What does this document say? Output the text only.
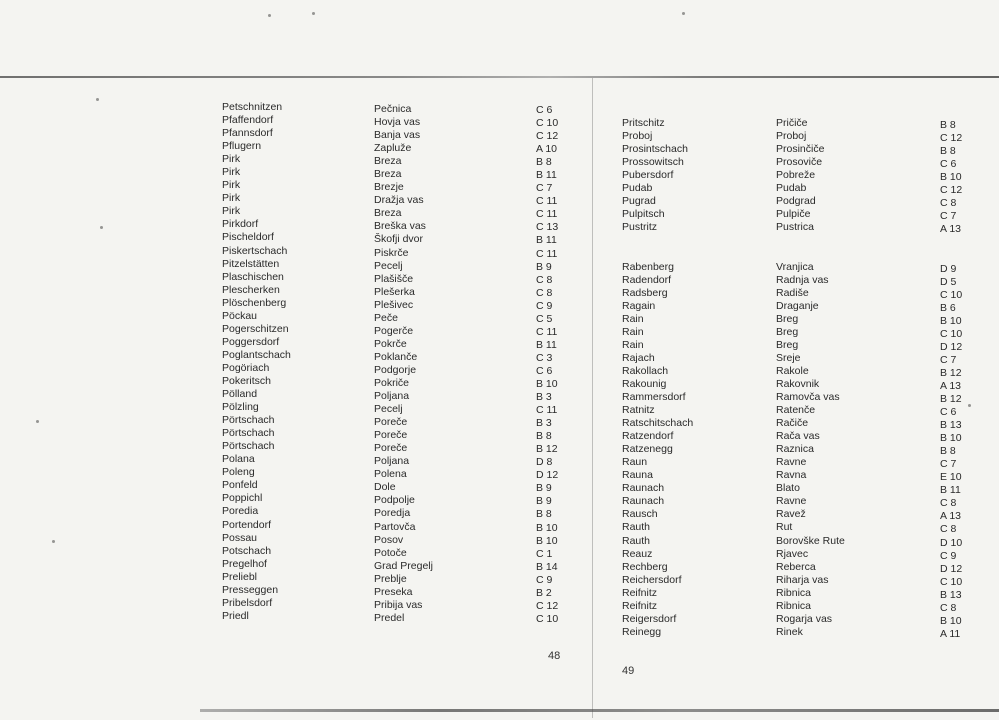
Petschnitzen
Pfaffendorf
Pfannsdorf
Pflugern
Pirk
Pirk
Pirk
Pirk
Pirk
Pirkdorf
Pischeldorf
Piskertschach
Pitzelstätten
Plaschischen
Plescherken
Plöschenberg
Pöckau
Pogerschitzen
Poggersdorf
Poglantschach
Pogöriach
Pokeritsch
Pölland
Pölzling
Pörtschach
Pörtschach
Pörtschach
Polana
Poleng
Ponfeld
Poppichl
Poredia
Portendorf
Possau
Potschach
Pregelhof
Preliebl
Presseggen
Pribelsdorf
Priedl
Pečnica
Hovja vas
Banja vas
Zapluže
Breza
Breza
Brezje
Dražja vas
Breza
Breška vas
Škofji dvor
Piskrče
Pecelj
Plašišče
Plešerka
Plešivec
Peče
Pogerče
Pokrče
Poklanče
Podgorje
Pokriče
Poljana
Pecelj
Poreče
Poreče
Poreče
Poljana
Polena
Dole
Podpolje
Poredja
Partovča
Posov
Potoče
Grad Pregelj
Preblje
Preseka
Pribija vas
Predel
C 6
C 10
C 12
A 10
B 8
B 11
C 7
C 11
C 11
C 13
B 11
C 11
B 9
C 8
C 8
C 9
C 5
C 11
B 11
C 3
C 6
B 10
B 3
C 11
B 3
B 8
B 12
D 8
D 12
B 9
B 9
B 8
B 10
B 10
C 1
B 14
C 9
B 2
C 12
C 10
48
Pritschitz
Proboj
Prosintschach
Prossowitsch
Pubersdorf
Pudab
Pugrad
Pulpitsch
Pustritz
Rabenberg
Radendorf
Radsberg
Ragain
Rain
Rain
Rain
Rajach
Rakollach
Rakounig
Rammersdorf
Ratnitz
Ratschitschach
Ratzendorf
Ratzenegg
Raun
Rauna
Raunach
Raunach
Rausch
Rauth
Rauth
Reauz
Rechberg
Reichersdorf
Reifnitz
Reifnitz
Reigersdorf
Reinegg
Pričiče
Proboj
Prosinčiče
Prosoviče
Pobreže
Pudab
Podgrad
Pulpiče
Pustrica
Vranjica
Radnja vas
Radiše
Draganje
Breg
Breg
Breg
Sreje
Rakole
Rakovnik
Ramovča vas
Ratenče
Račiče
Rača vas
Raznica
Ravne
Ravna
Blato
Ravne
Ravež
Rut
Borovške Rute
Rjavec
Reberca
Riharja vas
Ribnica
Ribnica
Rogarja vas
Rinek
B 8
C 12
B 8
C 6
B 10
C 12
C 8
C 7
A 13
D 9
D 5
C 10
B 6
B 10
C 10
D 12
C 7
B 12
A 13
B 12
C 6
B 13
B 10
B 8
C 7
E 10
B 11
C 8
A 13
C 8
D 10
C 9
D 12
C 10
B 13
C 8
B 10
A 11
49
